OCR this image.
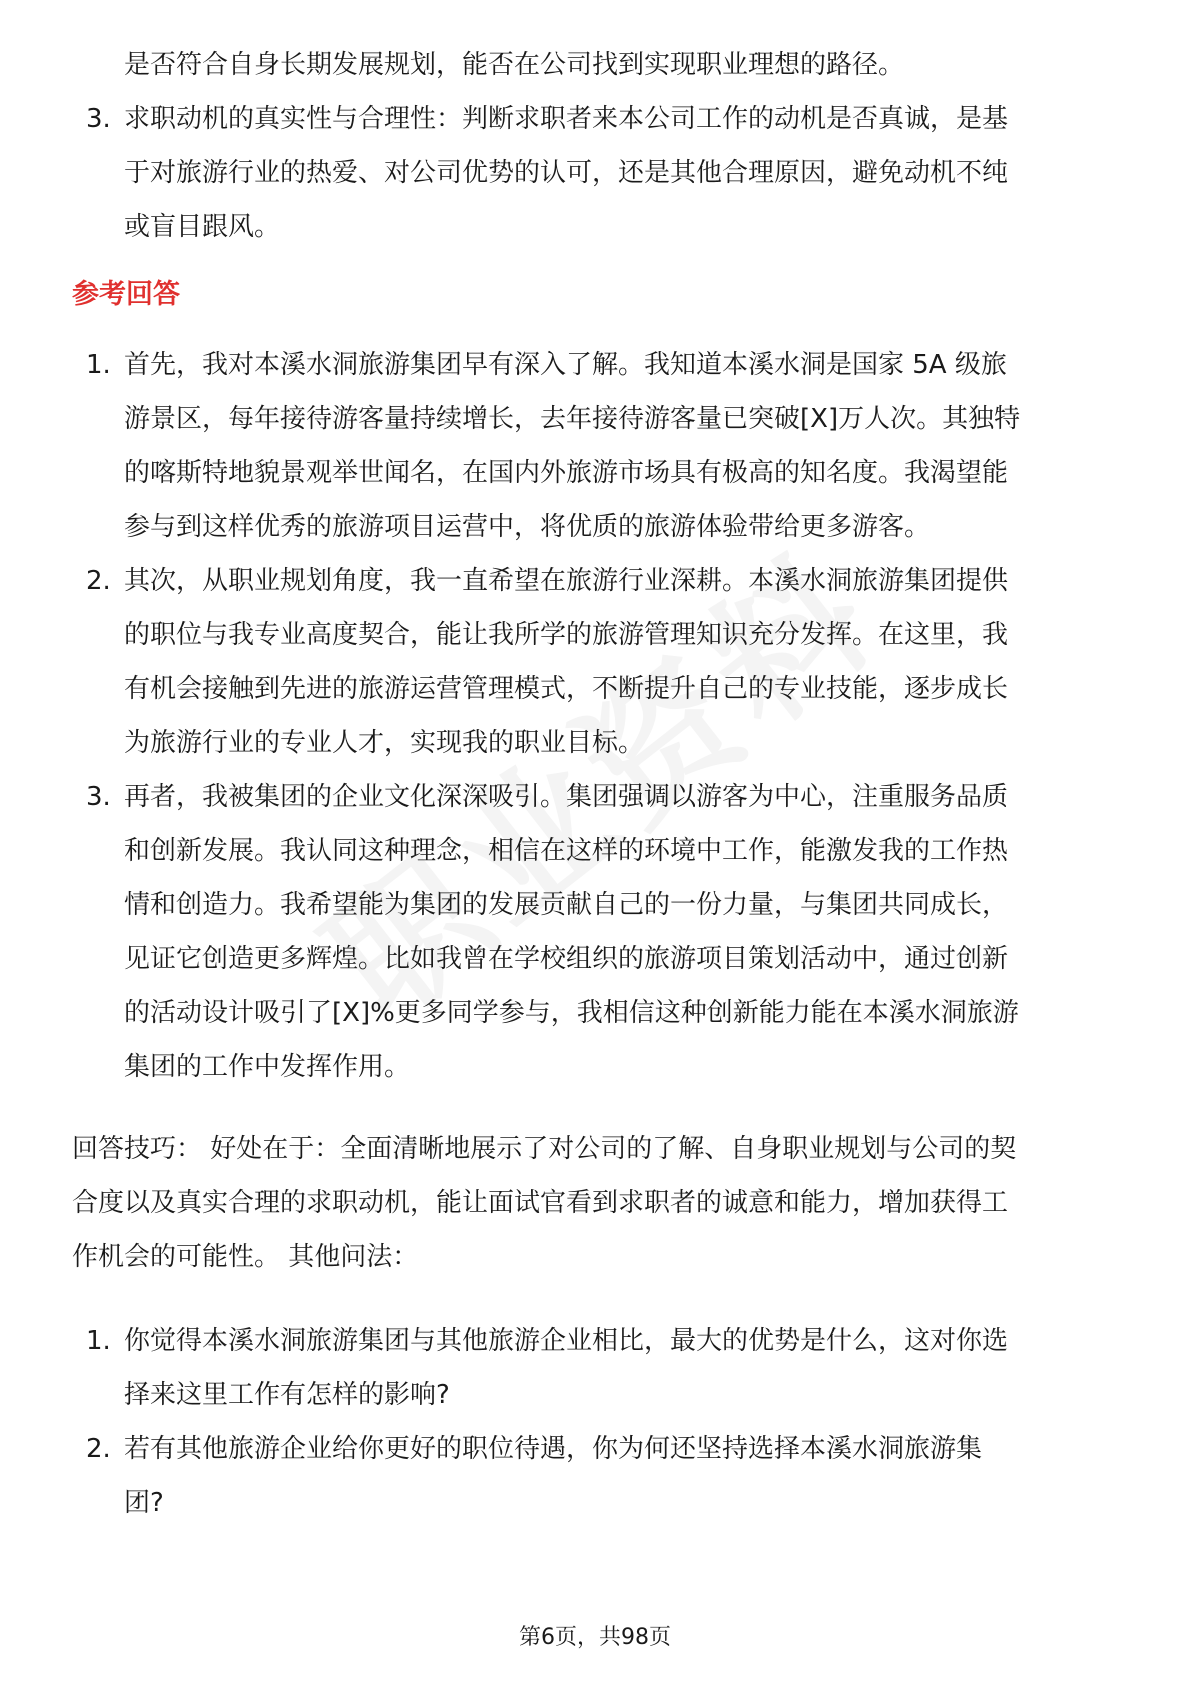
是否符合自身长期发展规划，能否在公司找到实现职业理想的路径。
3. 求职动机的真实性与合理性：判断求职者来本公司工作的动机是否真诚，是基
于对旅游行业的热爱、对公司优势的认可，还是其他合理原因，避免动机不纯
或盲目跟风。
参考回答
1. 首先，我对本溪水洞旅游集团早有深入了解。我知道本溪水洞是国家 5A 级旅
游景区，每年接待游客量持续增长，去年接待游客量已突破[X]万人次。其独特
的喀斯特地貌景观举世闻名，在国内外旅游市场具有极高的知名度。我渴望能
参与到这样优秀的旅游项目运营中，将优质的旅游体验带给更多游客。
2. 其次，从职业规划角度，我一直希望在旅游行业深耕。本溪水洞旅游集团提供
的职位与我专业高度契合，能让我所学的旅游管理知识充分发挥。在这里，我
有机会接触到先进的旅游运营管理模式，不断提升自己的专业技能，逐步成长
为旅游行业的专业人才，实现我的职业目标。
3. 再者，我被集团的企业文化深深吸引。集团强调以游客为中心，注重服务品质
和创新发展。我认同这种理念，相信在这样的环境中工作，能激发我的工作热
情和创造力。我希望能为集团的发展贡献自己的一份力量，与集团共同成长，
见证它创造更多辉煌。比如我曾在学校组织的旅游项目策划活动中，通过创新
的活动设计吸引了[X]%更多同学参与，我相信这种创新能力能在本溪水洞旅游
集团的工作中发挥作用。
回答技巧： 好处在于：全面清晰地展示了对公司的了解、自身职业规划与公司的契
合度以及真实合理的求职动机，能让面试官看到求职者的诚意和能力，增加获得工
作机会的可能性。 其他问法：
1. 你觉得本溪水洞旅游集团与其他旅游企业相比，最大的优势是什么，这对你选
择来这里工作有怎样的影响?
2. 若有其他旅游企业给你更好的职位待遇，你为何还坚持选择本溪水洞旅游集
团?
第6页，共98页
